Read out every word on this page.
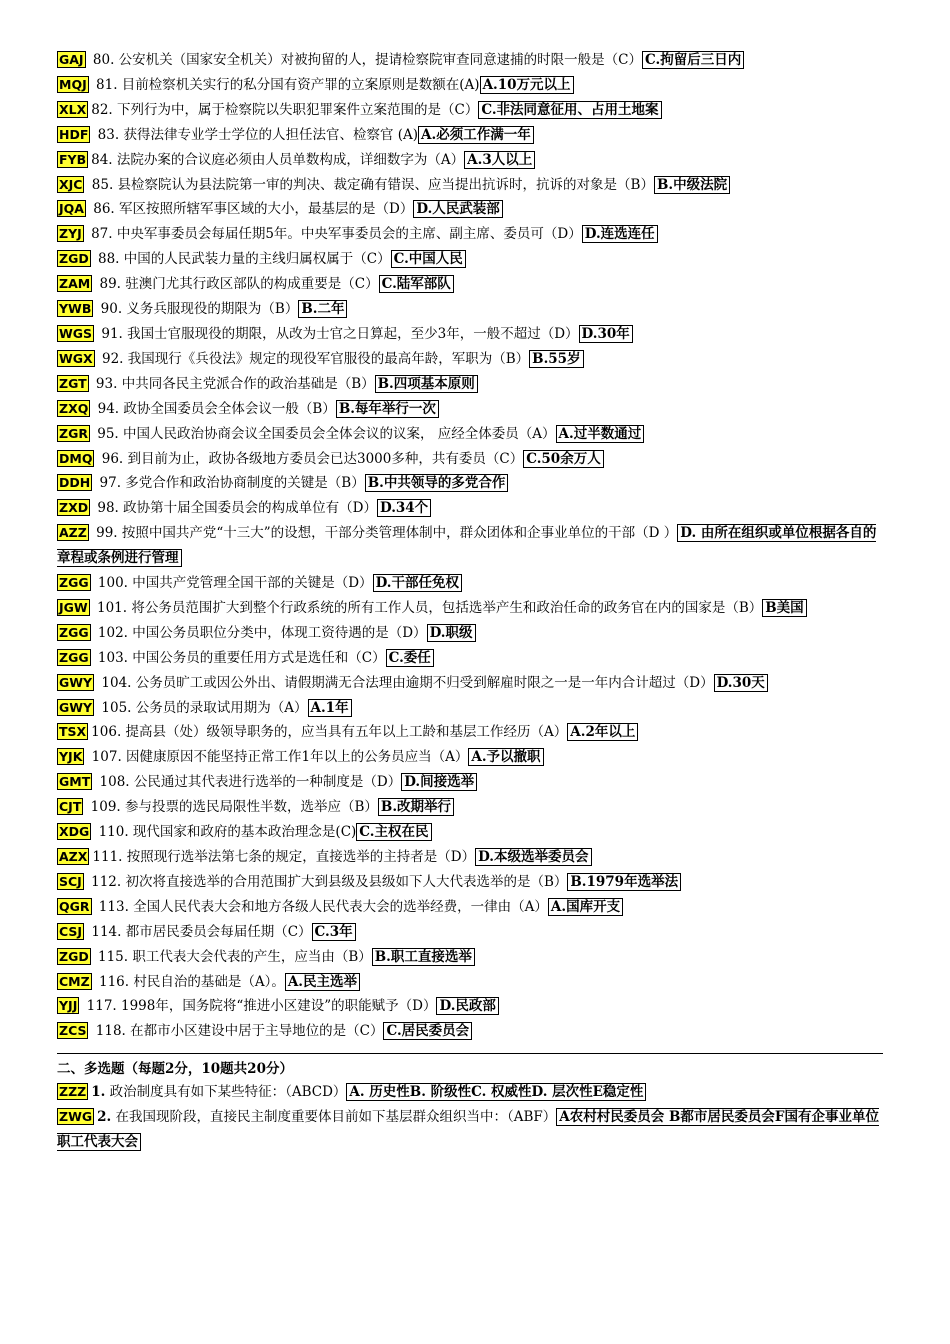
GAJ 80. 公安机关（国家安全机关）对被拘留的人，提请检察院审查同意逮捕的时限一般是（C） C.拘留后三日内

MQJ 81. 目前检察机关实行的私分国有资产罪的立案原则是数额在(A) A.10万元以上

XLX 82. 下列行为中，属于检察院以失职犯罪案件立案范围的是（C） C.非法同意征用、占用土地案

HDF 83. 获得法律专业学士学位的人担任法官、检察官 (A) A.必须工作满一年

FYB 84. 法院办案的合议庭必须由人员单数构成，详细数字为（A） A.3人以上

XJC 85. 县检察院认为县法院第一审的判决、裁定确有错误、应当提出抗诉时，抗诉的对象是（B） B.中级法院

JQA 86. 军区按照所辖军事区域的大小，最基层的是（D） D.人民武装部

ZYJ 87. 中央军事委员会每届任期5年。中央军事委员会的主席、副主席、委员可（D） D.连选连任

ZGD 88. 中国的人民武装力量的主线归属权属于（C） C.中国人民

ZAM 89. 驻澳门尤其行政区部队的构成重要是（C） C.陆军部队

YWB 90. 义务兵服现役的期限为（B） B.二年

WGS 91. 我国士官服现役的期限，从改为士官之日算起，至少3年，一般不超过（D） D.30年

WGX 92. 我国现行《兵役法》规定的现役军官服役的最高年龄，军职为（B） B.55岁

ZGT 93. 中共同各民主党派合作的政治基础是（B） B.四项基本原则

ZXQ 94. 政协全国委员会全体会议一般（B） B.每年举行一次

ZGR 95. 中国人民政治协商会议全国委员会全体会议的议案， 应经全体委员（A） A.过半数通过

DMQ 96. 到目前为止，政协各级地方委员会已达3000多种，共有委员（C） C.50余万人

DDH 97. 多党合作和政治协商制度的关键是（B） B.中共领导的多党合作

ZXD 98. 政协第十届全国委员会的构成单位有（D） D.34个

AZZ 99. 按照中国共产党“十三大”的设想，干部分类管理体制中，群众团体和企事业单位的干部（D ） D. 由所在组织或单位根据各自的章程或条例进行管理

ZGG 100. 中国共产党管理全国干部的关键是（D） D.干部任免权

JGW 101. 将公务员范围扩大到整个行政系统的所有工作人员，包括选举产生和政治任命的政务官在内的国家是（B） B美国

ZGG 102. 中国公务员职位分类中，体现工资待遇的是（D） D.职级

ZGG 103. 中国公务员的重要任用方式是选任和（C） C.委任

GWY 104. 公务员旷工或因公外出、请假期满无合法理由逾期不归受到解雇时限之一是一年内合计超过（D） D.30天

GWY 105. 公务员的录取试用期为（A） A.1年

TSX 106. 提高县（处）级领导职务的，应当具有五年以上工龄和基层工作经历（A） A.2年以上

YJK 107. 因健康原因不能坚持正常工作1年以上的公务员应当（A） A.予以撤职

GMT 108. 公民通过其代表进行选举的一种制度是（D） D.间接选举

CJT 109. 参与投票的选民局限性半数，选举应（B） B.改期举行

XDG 110. 现代国家和政府的基本政治理念是(C) C.主权在民

AZX 111. 按照现行选举法第七条的规定，直接选举的主持者是（D） D.本级选举委员会

SCJ 112. 初次将直接选举的合用范围扩大到县级及县级如下人大代表选举的是（B） B.1979年选举法

QGR 113. 全国人民代表大会和地方各级人民代表大会的选举经费，一律由（A） A.国库开支

CSJ 114. 都市居民委员会每届任期（C） C.3年

ZGD 115. 职工代表大会代表的产生，应当由（B） B.职工直接选举

CMZ 116. 村民自治的基础是（A）。 A.民主选举

YJJ 117. 1998年，国务院将“推进小区建设”的职能赋予（D） D.民政部

ZCS 118. 在都市小区建设中居于主导地位的是（C） C.居民委员会

二、多选题（每题2分，10题共20分）

ZZZ 1. 政治制度具有如下某些特征：（ABCD） A. 历史性B. 阶级性C. 权威性D. 层次性E稳定性

ZWG 2. 在我国现阶段，直接民主制度重要体目前如下基层群众组织当中：（ABF） A农村村民委员会 B都市居民委员会F国有企事业单位职工代表大会
